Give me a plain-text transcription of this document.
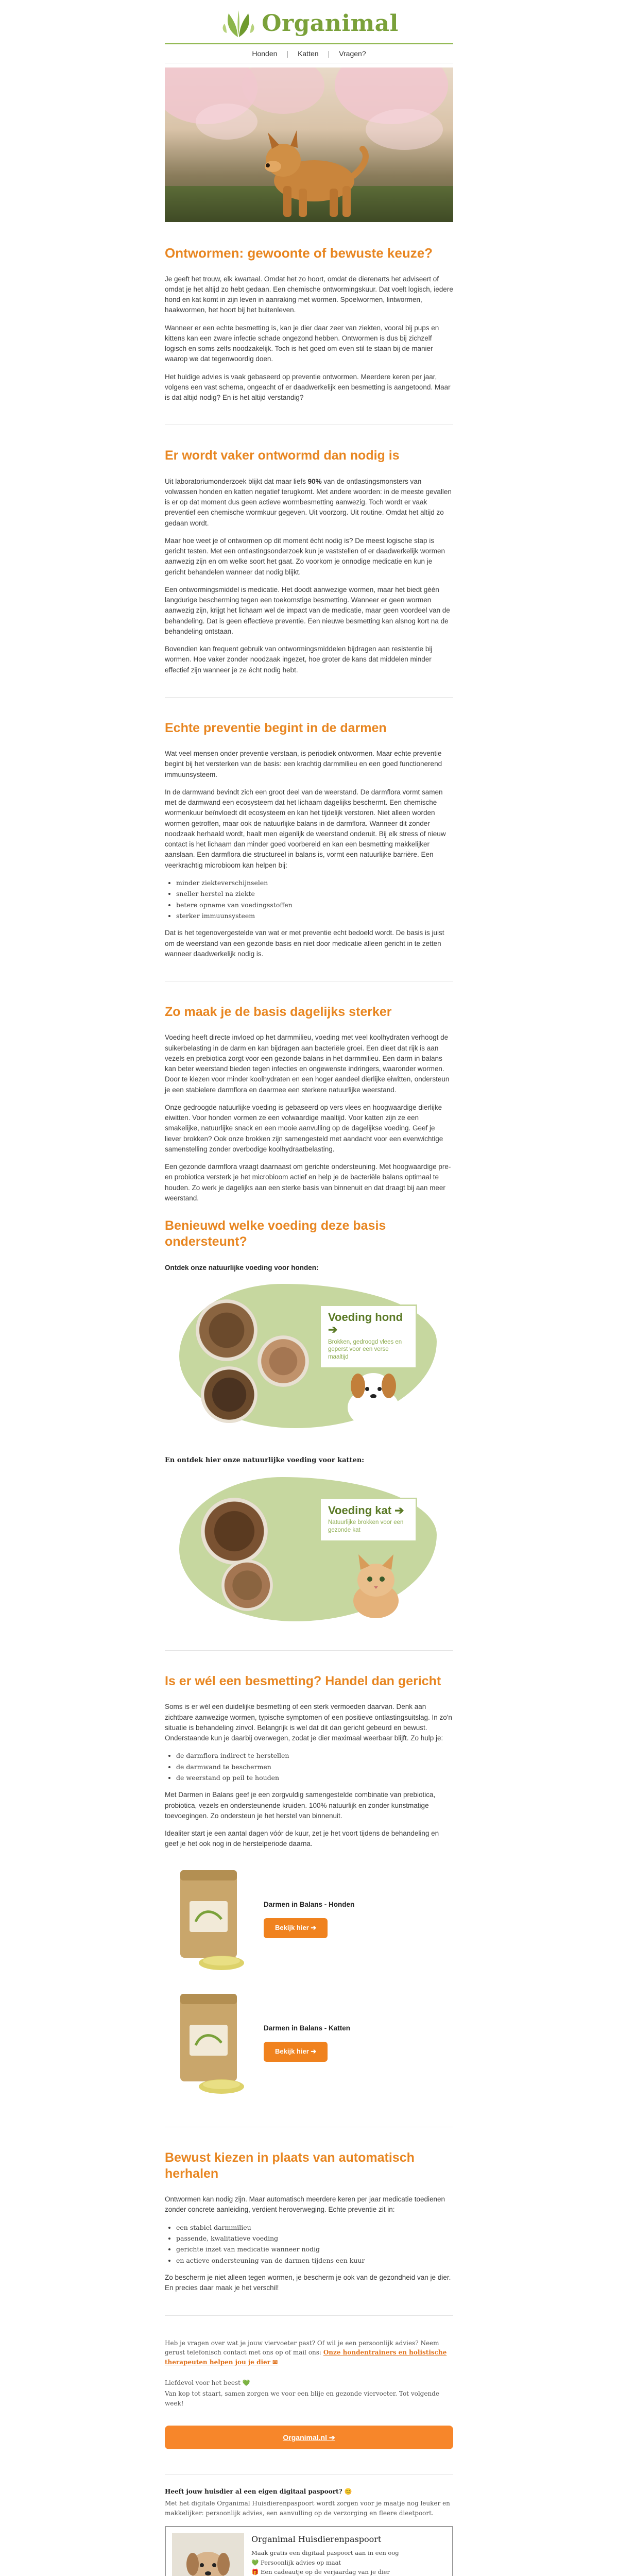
Organimal
Honden	|	Katten	|	Vragen?
Ontwormen: gewoonte of bewuste keuze?

Je geeft het trouw, elk kwartaal. Omdat het zo hoort, omdat de dierenarts het adviseert of omdat je het altijd zo hebt gedaan. Een chemische ontwormingskuur. Dat voelt logisch, iedere hond en kat komt in zijn leven in aanraking met wormen. Spoelwormen, lintwormen, haakwormen, het hoort bij het buitenleven.

Wanneer er een echte besmetting is, kan je dier daar zeer van ziekten, vooral bij pups en kittens kan een zware infectie schade ongezond hebben. Ontwormen is dus bij zichzelf logisch en soms zelfs noodzakelijk. Toch is het goed om even stil te staan bij de manier waarop we dat tegenwoordig doen.

Het huidige advies is vaak gebaseerd op preventie ontwormen. Meerdere keren per jaar, volgens een vast schema, ongeacht of er daadwerkelijk een besmetting is aangetoond. Maar is dat altijd nodig? En is het altijd verstandig?

Er wordt vaker ontwormd dan nodig is

Uit laboratoriumonderzoek blijkt dat maar liefs 90% van de ontlastingsmonsters van volwassen honden en katten negatief terugkomt. Met andere woorden: in de meeste gevallen is er op dat moment dus geen actieve wormbesmetting aanwezig. Toch wordt er vaak preventief een chemische wormkuur gegeven. Uit voorzorg. Uit routine. Omdat het altijd zo gedaan wordt.

Maar hoe weet je of ontwormen op dit moment écht nodig is? De meest logische stap is gericht testen. Met een ontlastingsonderzoek kun je vaststellen of er daadwerkelijk wormen aanwezig zijn en om welke soort het gaat. Zo voorkom je onnodige medicatie en kun je gericht behandelen wanneer dat nodig blijkt.

Een ontwormingsmiddel is medicatie. Het doodt aanwezige wormen, maar het biedt géén langdurige bescherming tegen een toekomstige besmetting. Wanneer er geen wormen aanwezig zijn, krijgt het lichaam wel de impact van de medicatie, maar geen voordeel van de behandeling. Dat is geen effectieve preventie. Een nieuwe besmetting kan alsnog kort na de behandeling ontstaan.

Bovendien kan frequent gebruik van ontwormingsmiddelen bijdragen aan resistentie bij wormen. Hoe vaker zonder noodzaak ingezet, hoe groter de kans dat middelen minder effectief zijn wanneer je ze écht nodig hebt.

Echte preventie begint in de darmen

Wat veel mensen onder preventie verstaan, is periodiek ontwormen. Maar echte preventie begint bij het versterken van de basis: een krachtig darmmilieu en een goed functionerend immuunsysteem.

In de darmwand bevindt zich een groot deel van de weerstand. De darmflora vormt samen met de darmwand een ecosysteem dat het lichaam dagelijks beschermt. Een chemische wormenkuur beïnvloedt dit ecosysteem en kan het tijdelijk verstoren. Niet alleen worden wormen getroffen, maar ook de natuurlijke balans in de darmflora. Wanneer dit zonder noodzaak herhaald wordt, haalt men eigenlijk de weerstand onderuit. Bij elk stress of nieuw contact is het lichaam dan minder goed voorbereid en kan een besmetting makkelijker aanslaan. Een darmflora die structureel in balans is, vormt een natuurlijke barrière. Een veerkrachtig microbioom kan helpen bij:

• minder ziekteverschijnselen
• sneller herstel na ziekte
• betere opname van voedingsstoffen
• sterker immuunsysteem

Dat is het tegenovergestelde van wat er met preventie echt bedoeld wordt. De basis is juist om de weerstand van een gezonde basis en niet door medicatie alleen gericht in te zetten wanneer daadwerkelijk nodig is.

Zo maak je de basis dagelijks sterker

Voeding heeft directe invloed op het darmmilieu, voeding met veel koolhydraten verhoogt de suikerbelasting in de darm en kan bijdragen aan bacteriële groei. Een dieet dat rijk is aan vezels en prebiotica zorgt voor een gezonde balans in het darmmilieu. Een darm in balans kan beter weerstand bieden tegen infecties en ongewenste indringers, waaronder wormen. Door te kiezen voor minder koolhydraten en een hoger aandeel dierlijke eiwitten, ondersteun je een stabielere darmflora en daarmee een sterkere natuurlijke weerstand.

Onze gedroogde natuurlijke voeding is gebaseerd op vers vlees en hoogwaardige dierlijke eiwitten. Voor honden vormen ze een volwaardige maaltijd. Voor katten zijn ze een smakelijke, natuurlijke snack en een mooie aanvulling op de dagelijkse voeding. Geef je liever brokken? Ook onze brokken zijn samengesteld met aandacht voor een evenwichtige samenstelling zonder overbodige koolhydraatbelasting.

Een gezonde darmflora vraagt daarnaast om gerichte ondersteuning. Met hoogwaardige pre- en probiotica versterk je het microbioom actief en help je de bacteriële balans optimaal te houden. Zo werk je dagelijks aan een sterke basis van binnenuit en dat draagt bij aan meer weerstand.

Benieuwd welke voeding deze basis ondersteunt?
Ontdek onze natuurlijke voeding voor honden:
Voeding hond ➔
Brokken, gedroogd vlees en geperst voor een verse maaltijd
En ontdek hier onze natuurlijke voeding voor katten:
Voeding kat ➔
Natuurlijke brokken voor een gezonde kat
Is er wél een besmetting? Handel dan gericht

Soms is er wél een duidelijke besmetting of een sterk vermoeden daarvan. Denk aan zichtbare aanwezige wormen, typische symptomen of een positieve ontlastingsuitslag. In zo'n situatie is behandeling zinvol. Belangrijk is wel dat dit dan gericht gebeurd en bewust. Onderstaande kun je daarbij overwegen, zodat je dier maximaal weerbaar blijft. Zo hulp je:

• de darmflora indirect te herstellen
• de darmwand te beschermen
• de weerstand op peil te houden

Met Darmen in Balans geef je een zorgvuldig samengestelde combinatie van prebiotica, probiotica, vezels en ondersteunende kruiden. 100% natuurlijk en zonder kunstmatige toevoegingen. Zo ondersteun je het herstel van binnenuit.

Idealiter start je een aantal dagen vóór de kuur, zet je het voort tijdens de behandeling en geef je het ook nog in de herstelperiode daarna.

Darmen in Balans - Honden
Bekijk hier ➔
Darmen in Balans - Katten
Bekijk hier ➔
Bewust kiezen in plaats van automatisch herhalen

Ontwormen kan nodig zijn. Maar automatisch meerdere keren per jaar medicatie toedienen zonder concrete aanleiding, verdient heroverweging. Echte preventie zit in:

• een stabiel darmmilieu
• passende, kwalitatieve voeding
• gerichte inzet van medicatie wanneer nodig
• en actieve ondersteuning van de darmen tijdens een kuur

Zo bescherm je niet alleen tegen wormen, je bescherm je ook van de gezondheid van je dier. En precies daar maak je het verschil!

Heb je vragen over wat je jouw viervoeter past? Of wil je een persoonlijk advies? Neem gerust telefonisch contact met ons op of mail ons: Onze hondentrainers en holistische therapeuten helpen jou je dier ✉

Liefdevol voor het beest 💚

Van kop tot staart, samen zorgen we voor een blije en gezonde viervoeter. Tot volgende week!

Organimal.nl ➔

Heeft jouw huisdier al een eigen digitaal paspoort? 😊

Met het digitale Organimal Huisdierenpaspoort wordt zorgen voor je maatje nog leuker en makkelijker: persoonlijk advies, een aanvulling op de verzorging en fleere dieetpoort.

Organimal Huisdierenpaspoort
Maak gratis een digitaal paspoort aan in een oog
💚 Persoonlijk advies op maat
🎁 Een cadeautje op de verjaardag van je dier
